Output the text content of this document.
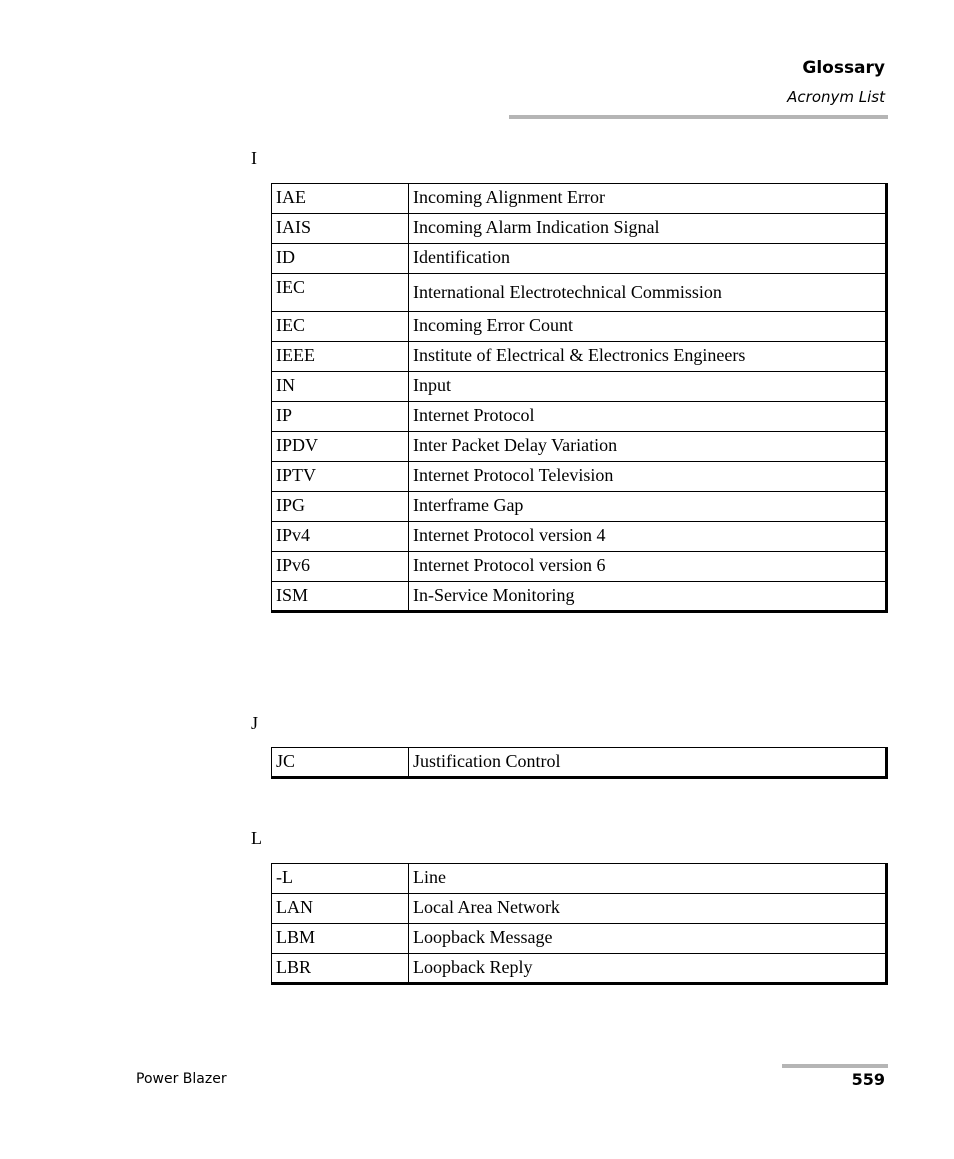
Glossary
Acronym List
I
IAE	Incoming Alignment Error
IAIS	Incoming Alarm Indication Signal
ID	Identification
IEC	International Electrotechnical Commission
IEC	Incoming Error Count
IEEE	Institute of Electrical & Electronics Engineers
IN	Input
IP	Internet Protocol
IPDV	Inter Packet Delay Variation
IPTV	Internet Protocol Television
IPG	Interframe Gap
IPv4	Internet Protocol version 4
IPv6	Internet Protocol version 6
ISM	In-Service Monitoring
J
JC	Justification Control
L
-L	Line
LAN	Local Area Network
LBM	Loopback Message
LBR	Loopback Reply
Power Blazer	559
